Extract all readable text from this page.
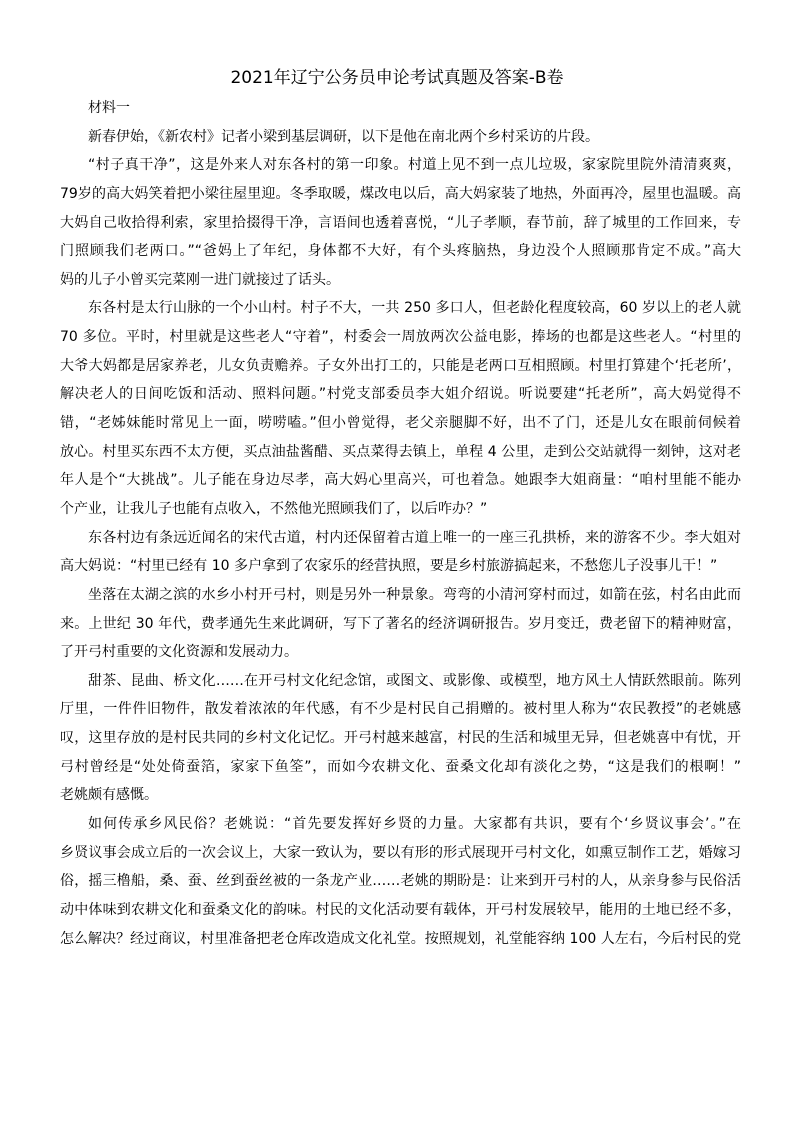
2021年辽宁公务员申论考试真题及答案-B卷
材料一
新春伊始，《新农村》记者小梁到基层调研，以下是他在南北两个乡村采访的片段。
“村子真干净”，这是外来人对东各村的第一印象。村道上见不到一点儿垃圾，家家院里院外清清爽爽，
79岁的高大妈笑着把小梁往屋里迎。冬季取暖，煤改电以后，高大妈家装了地热，外面再冷，屋里也温暖。高
大妈自己收拾得利索，家里拾掇得干净，言语间也透着喜悦，“儿子孝顺，春节前，辞了城里的工作回来，专
门照顾我们老两口。”“爸妈上了年纪，身体都不大好，有个头疼脑热，身边没个人照顾那肯定不成。”高大
妈的儿子小曾买完菜刚一进门就接过了话头。
东各村是太行山脉的一个小山村。村子不大，一共 250 多口人，但老龄化程度较高，60 岁以上的老人就
70 多位。平时，村里就是这些老人“守着”，村委会一周放两次公益电影，捧场的也都是这些老人。“村里的
大爷大妈都是居家养老，儿女负责赡养。子女外出打工的，只能是老两口互相照顾。村里打算建个‘托老所’，
解决老人的日间吃饭和活动、照料问题。”村党支部委员李大姐介绍说。听说要建“托老所”，高大妈觉得不
错，“老姊妹能时常见上一面，唠唠嗑。”但小曾觉得，老父亲腿脚不好，出不了门，还是儿女在眼前伺候着
放心。村里买东西不太方便，买点油盐酱醋、买点菜得去镇上，单程 4 公里，走到公交站就得一刻钟，这对老
年人是个“大挑战”。儿子能在身边尽孝，高大妈心里高兴，可也着急。她跟李大姐商量：“咱村里能不能办
个产业，让我儿子也能有点收入，不然他光照顾我们了，以后咋办？”
东各村边有条远近闻名的宋代古道，村内还保留着古道上唯一的一座三孔拱桥，来的游客不少。李大姐对
高大妈说：“村里已经有 10 多户拿到了农家乐的经营执照，要是乡村旅游搞起来，不愁您儿子没事儿干！”
坐落在太湖之滨的水乡小村开弓村，则是另外一种景象。弯弯的小清河穿村而过，如箭在弦，村名由此而
来。上世纪 30 年代，费孝通先生来此调研，写下了著名的经济调研报告。岁月变迁，费老留下的精神财富，
了开弓村重要的文化资源和发展动力。
甜茶、昆曲、桥文化……在开弓村文化纪念馆，或图文、或影像、或模型，地方风土人情跃然眼前。陈列
厅里，一件件旧物件，散发着浓浓的年代感，有不少是村民自己捐赠的。被村里人称为“农民教授”的老姚感
叹，这里存放的是村民共同的乡村文化记忆。开弓村越来越富，村民的生活和城里无异，但老姚喜中有忧，开
弓村曾经是“处处倚蚕箔，家家下鱼筌”，而如今农耕文化、蚕桑文化却有淡化之势，“这是我们的根啊！”
老姚颇有感慨。
如何传承乡风民俗？老姚说：“首先要发挥好乡贤的力量。大家都有共识，要有个‘乡贤议事会’。”在
乡贤议事会成立后的一次会议上，大家一致认为，要以有形的形式展现开弓村文化，如熏豆制作工艺，婚嫁习
俗，摇三橹船，桑、蚕、丝到蚕丝被的一条龙产业……老姚的期盼是：让来到开弓村的人，从亲身参与民俗活
动中体味到农耕文化和蚕桑文化的韵味。村民的文化活动要有载体，开弓村发展较早，能用的土地已经不多，
怎么解决？经过商议，村里准备把老仓库改造成文化礼堂。按照规划，礼堂能容纳 100 人左右，今后村民的党
